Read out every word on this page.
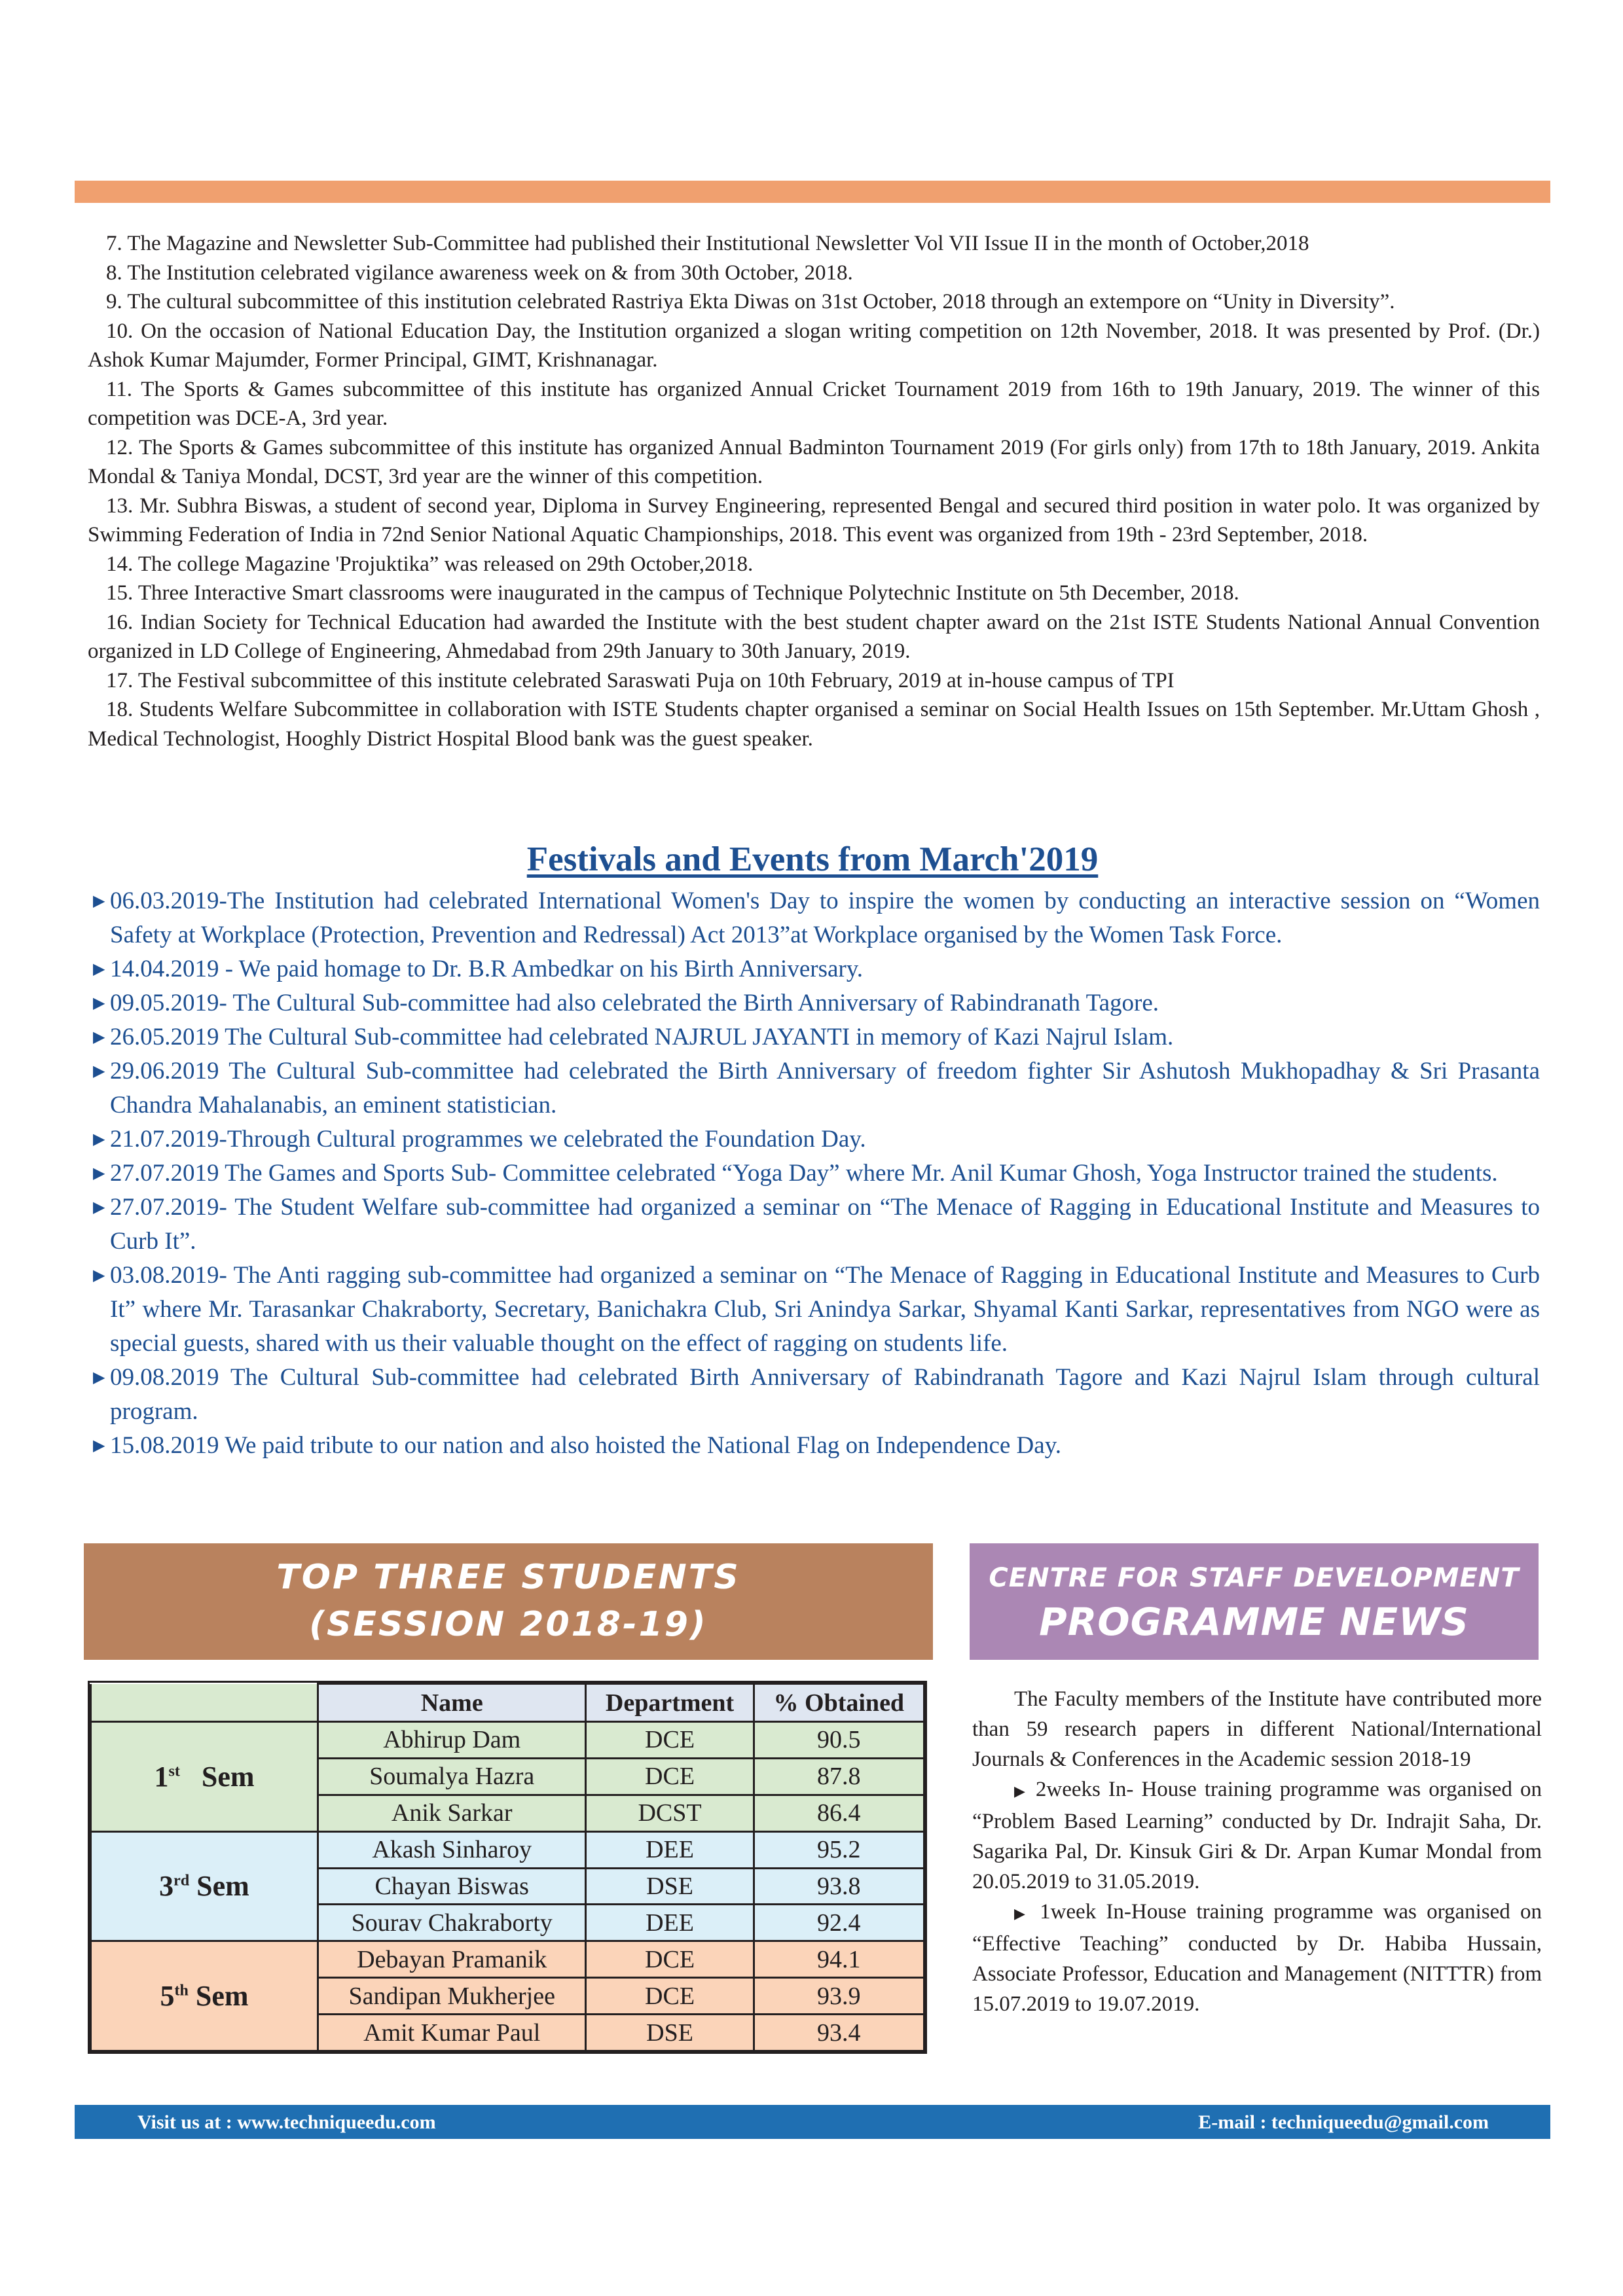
7. The Magazine and Newsletter Sub-Committee had published their Institutional Newsletter Vol VII Issue II in the month of October,2018

8. The Institution celebrated vigilance awareness week on & from 30th October, 2018.

9. The cultural subcommittee of this institution celebrated Rastriya Ekta Diwas on 31st October, 2018 through an extempore on “Unity in Diversity”.

10. On the occasion of National Education Day, the Institution organized a slogan writing competition on 12th November, 2018. It was presented by Prof. (Dr.) Ashok Kumar Majumder, Former Principal, GIMT, Krishnanagar.

11. The Sports & Games subcommittee of this institute has organized Annual Cricket Tournament 2019 from 16th to 19th January, 2019. The winner of this competition was DCE-A, 3rd year.

12. The Sports & Games subcommittee of this institute has organized Annual Badminton Tournament 2019 (For girls only) from 17th to 18th January, 2019. Ankita Mondal & Taniya Mondal, DCST, 3rd year are the winner of this competition.

13. Mr. Subhra Biswas, a student of second year, Diploma in Survey Engineering, represented Bengal and secured third position in water polo. It was organized by Swimming Federation of India in 72nd Senior National Aquatic Championships, 2018. This event was organized from 19th - 23rd September, 2018.

14. The college Magazine 'Projuktika” was released on 29th October,2018.

15. Three Interactive Smart classrooms were inaugurated in the campus of Technique Polytechnic Institute on 5th December, 2018.

16. Indian Society for Technical Education had awarded the Institute with the best student chapter award on the 21st ISTE Students National Annual Convention organized in LD College of Engineering, Ahmedabad from 29th January to 30th January, 2019.

17. The Festival subcommittee of this institute celebrated Saraswati Puja on 10th February, 2019 at in-house campus of TPI

18. Students Welfare Subcommittee in collaboration with ISTE Students chapter organised a seminar on Social Health Issues on 15th September. Mr.Uttam Ghosh , Medical Technologist, Hooghly District Hospital Blood bank was the guest speaker.

Festivals and Events from March'2019
▶ 06.03.2019-The Institution had celebrated International Women's Day to inspire the women by conducting an interactive session on “Women Safety at Workplace (Protection, Prevention and Redressal) Act 2013”at Workplace organised by the Women Task Force.
▶ 14.04.2019 - We paid homage to Dr. B.R Ambedkar on his Birth Anniversary.
▶ 09.05.2019- The Cultural Sub-committee had also celebrated the Birth Anniversary of Rabindranath Tagore.
▶ 26.05.2019 The Cultural Sub-committee had celebrated NAJRUL JAYANTI in memory of Kazi Najrul Islam.
▶ 29.06.2019 The Cultural Sub-committee had celebrated the Birth Anniversary of freedom fighter Sir Ashutosh Mukhopadhay & Sri Prasanta Chandra Mahalanabis, an eminent statistician.
▶ 21.07.2019-Through Cultural programmes we celebrated the Foundation Day.
▶ 27.07.2019 The Games and Sports Sub- Committee celebrated “Yoga Day” where Mr. Anil Kumar Ghosh, Yoga Instructor trained the students.
▶ 27.07.2019- The Student Welfare sub-committee had organized a seminar on “The Menace of Ragging in Educational Institute and Measures to Curb It”.
▶ 03.08.2019- The Anti ragging sub-committee had organized a seminar on “The Menace of Ragging in Educational Institute and Measures to Curb It” where Mr. Tarasankar Chakraborty, Secretary, Banichakra Club, Sri Anindya Sarkar, Shyamal Kanti Sarkar, representatives from NGO were as special guests, shared with us their valuable thought on the effect of ragging on students life.
▶ 09.08.2019 The Cultural Sub-committee had celebrated Birth Anniversary of Rabindranath Tagore and Kazi Najrul Islam through cultural program.
▶ 15.08.2019 We paid tribute to our nation and also hoisted the National Flag on Independence Day.
TOP THREE STUDENTS
(SESSION 2018-19)
CENTRE FOR STAFF DEVELOPMENT
PROGRAMME NEWS
	Name	Department	% Obtained
1st Sem	Abhirup Dam	DCE	90.5
	Soumalya Hazra	DCE	87.8
	Anik Sarkar	DCST	86.4
3rd Sem	Akash Sinharoy	DEE	95.2
	Chayan Biswas	DSE	93.8
	Sourav Chakraborty	DEE	92.4
5th Sem	Debayan Pramanik	DCE	94.1
	Sandipan Mukherjee	DCE	93.9
	Amit Kumar Paul	DSE	93.4

The Faculty members of the Institute have contributed more than 59 research papers in different National/International Journals & Conferences in the Academic session 2018-19

▶ 2weeks In- House training programme was organised on “Problem Based Learning” conducted by Dr. Indrajit Saha, Dr. Sagarika Pal, Dr. Kinsuk Giri & Dr. Arpan Kumar Mondal from 20.05.2019 to 31.05.2019.

▶ 1week In-House training programme was organised on “Effective Teaching” conducted by Dr. Habiba Hussain, Associate Professor, Education and Management (NITTTR) from 15.07.2019 to 19.07.2019.

Visit us at : www.techniqueedu.com	E-mail : techniqueedu@gmail.com
